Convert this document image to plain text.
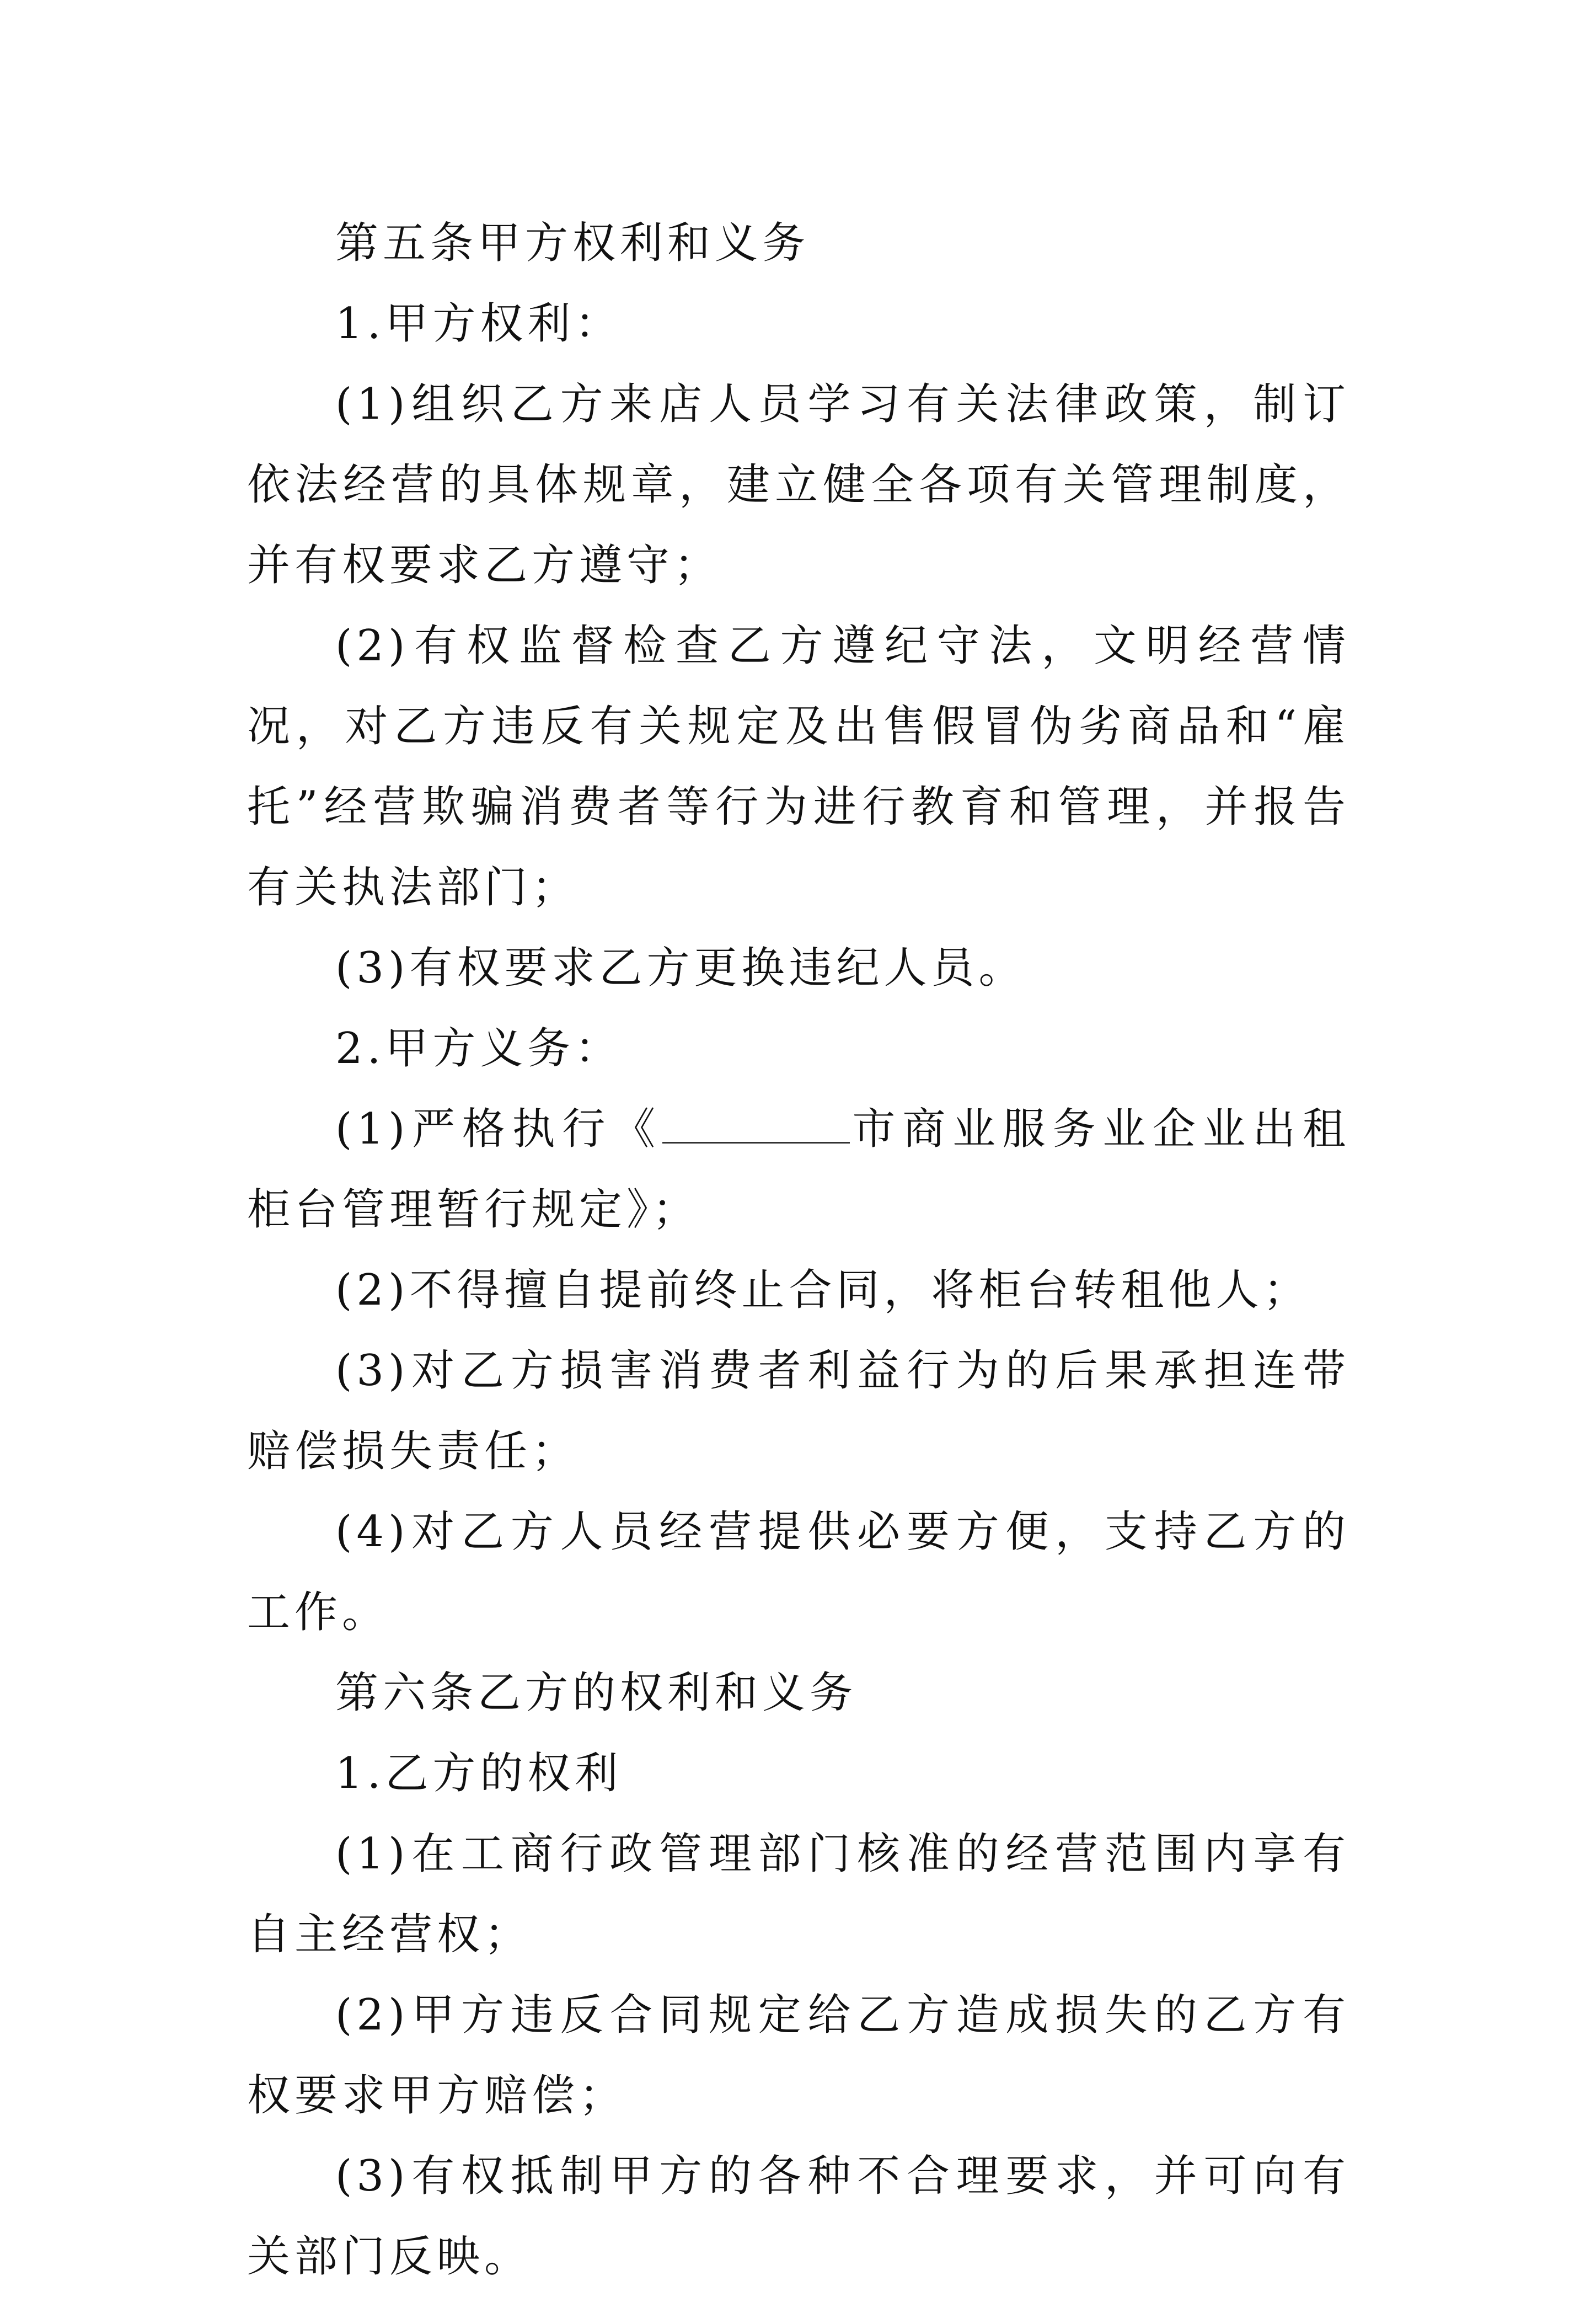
第五条甲方权利和义务

1.甲方权利：

(1)组织乙方来店人员学习有关法律政策，制订依法经营的具体规章，建立健全各项有关管理制度，并有权要求乙方遵守；

(2)有权监督检查乙方遵纪守法，文明经营情况，对乙方违反有关规定及出售假冒伪劣商品和“雇托”经营欺骗消费者等行为进行教育和管理，并报告有关执法部门；

(3)有权要求乙方更换违纪人员。

2.甲方义务：

(1)严格执行《	市商业服务业企业出租柜台管理暂行规定》；

(2)不得擅自提前终止合同，将柜台转租他人；

(3)对乙方损害消费者利益行为的后果承担连带赔偿损失责任；

(4)对乙方人员经营提供必要方便，支持乙方的工作。

第六条乙方的权利和义务

1.乙方的权利

(1)在工商行政管理部门核准的经营范围内享有自主经营权；

(2)甲方违反合同规定给乙方造成损失的乙方有权要求甲方赔偿；

(3)有权抵制甲方的各种不合理要求，并可向有关部门反映。
